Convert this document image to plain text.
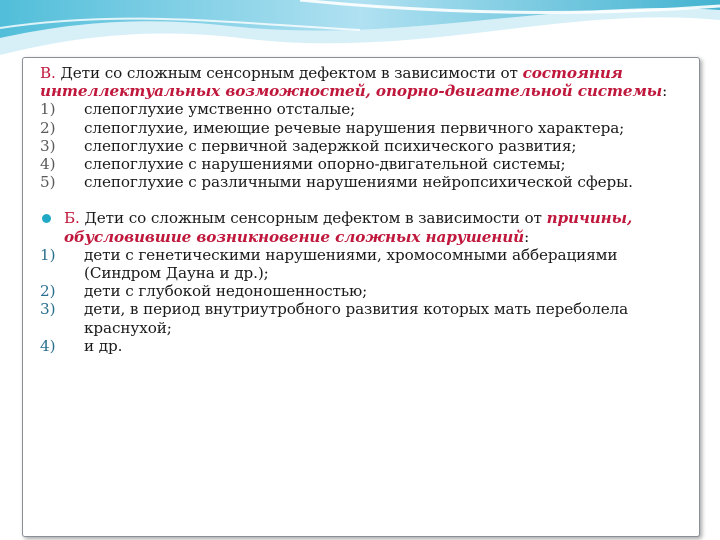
В. Дети со сложным сенсорным дефектом в зависимости от состояния интеллектуальных возможностей, опорно-двигательной системы:

1) слепоглухие умственно отсталые;
2) слепоглухие, имеющие речевые нарушения первичного характера;
3) слепоглухие с первичной задержкой психического развития;
4) слепоглухие с нарушениями опорно-двигательной системы;
5) слепоглухие с различными нарушениями нейропсихической сферы.

Б. Дети со сложным сенсорным дефектом в зависимости от причины, обусловившие возникновение сложных нарушений:

1) дети с генетическими нарушениями, хромосомными абберациями (Синдром Дауна и др.);
2) дети с глубокой недоношенностью;
3) дети, в период внутриутробного развития которых мать переболела краснухой;
4) и др.
